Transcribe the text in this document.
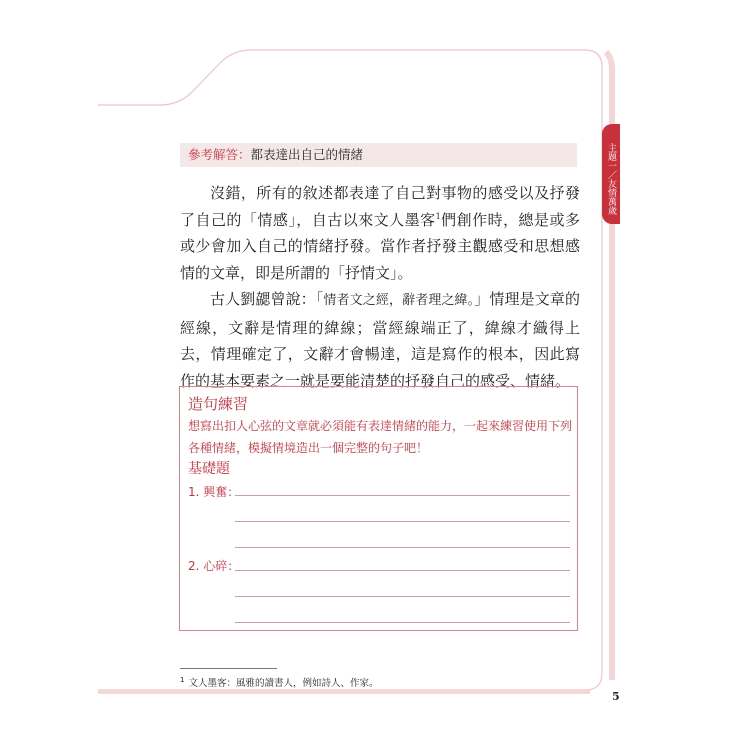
參考解答：都表達出自己的情緒

沒錯，所有的敘述都表達了自己對事物的感受以及抒發了自己的「情感」，自古以來文人墨客$^1$們創作時，總是或多或少會加入自己的情緒抒發。當作者抒發主觀感受和思想感情的文章，即是所謂的「抒情文」。

古人劉勰曾說：「情者文之經，辭者理之緯。」情理是文章的經線，文辭是情理的緯線；當經線端正了，緯線才織得上去，情理確定了，文辭才會暢達，這是寫作的根本，因此寫作的基本要素之一就是要能清楚的抒發自己的感受、情緒。

造句練習
想寫出扣人心弦的文章就必須能有表達情緒的能力，一起來練習使用下列各種情緒，模擬情境造出一個完整的句子吧！
基礎題
1. 興奮：
2. 心碎：
主題一／友情萬歲
$^1$ 文人墨客：風雅的讀書人，例如詩人、作家。
5
